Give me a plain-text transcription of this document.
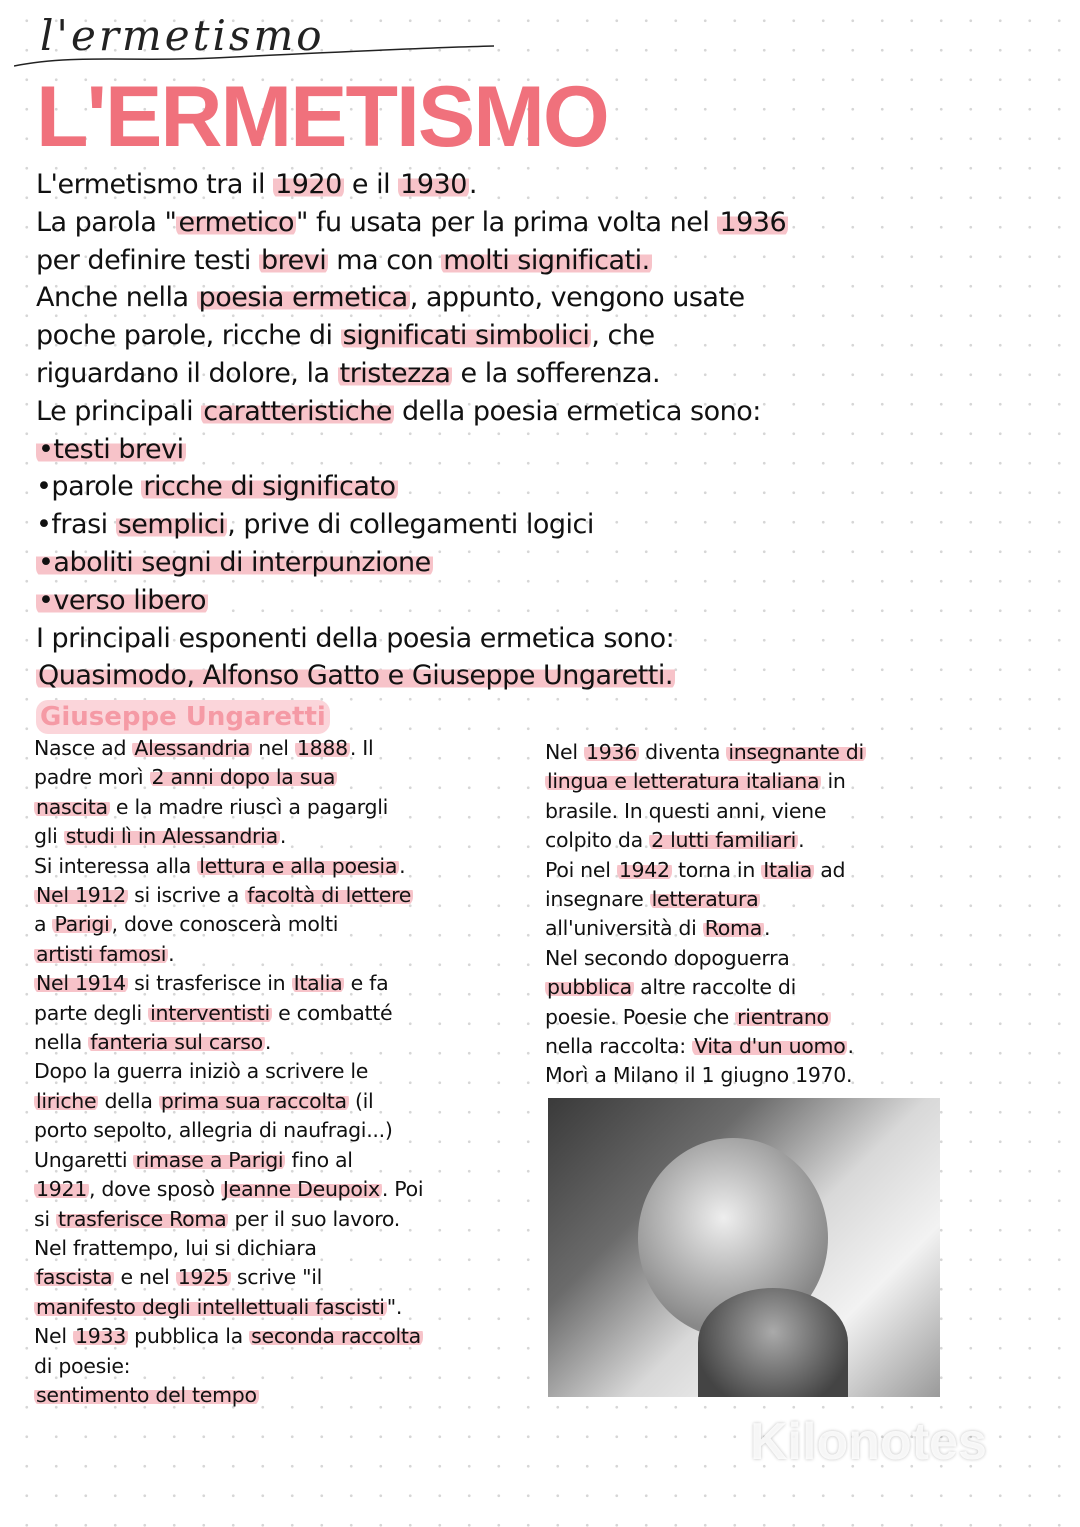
l'ermetismo
L'ERMETISMO
L'ermetismo tra il 1920 e il 1930.
La parola "ermetico" fu usata per la prima volta nel 1936
per definire testi brevi ma con molti significati.
Anche nella poesia ermetica, appunto, vengono usate
poche parole, ricche di significati simbolici, che
riguardano il dolore, la tristezza e la sofferenza.
Le principali caratteristiche della poesia ermetica sono:
•testi brevi
•parole ricche di significato
•frasi semplici, prive di collegamenti logici
•aboliti segni di interpunzione
•verso libero
I principali esponenti della poesia ermetica sono:
Quasimodo, Alfonso Gatto e Giuseppe Ungaretti.
Giuseppe Ungaretti
Nasce ad Alessandria nel 1888. Il
padre morì 2 anni dopo la sua
nascita e la madre riuscì a pagargli
gli studi lì in Alessandria.
Si interessa alla lettura e alla poesia.
Nel 1912 si iscrive a facoltà di lettere
a Parigi, dove conoscerà molti
artisti famosi.
Nel 1914 si trasferisce in Italia e fa
parte degli interventisti e combatté
nella fanteria sul carso.
Dopo la guerra iniziò a scrivere le
liriche della prima sua raccolta (il
porto sepolto, allegria di naufragi...)
Ungaretti rimase a Parigi fino al
1921, dove sposò Jeanne Deupoix. Poi
si trasferisce Roma per il suo lavoro.
Nel frattempo, lui si dichiara
fascista e nel 1925 scrive "il
manifesto degli intellettuali fascisti".
Nel 1933 pubblica la seconda raccolta
di poesie:
sentimento del tempo
Nel 1936 diventa insegnante di
lingua e letteratura italiana in
brasile. In questi anni, viene
colpito da 2 lutti familiari.
Poi nel 1942 torna in Italia ad
insegnare letteratura
all'università di Roma.
Nel secondo dopoguerra
pubblica altre raccolte di
poesie. Poesie che rientrano
nella raccolta: Vita d'un uomo.
Morì a Milano il 1 giugno 1970.
Kilonotes
